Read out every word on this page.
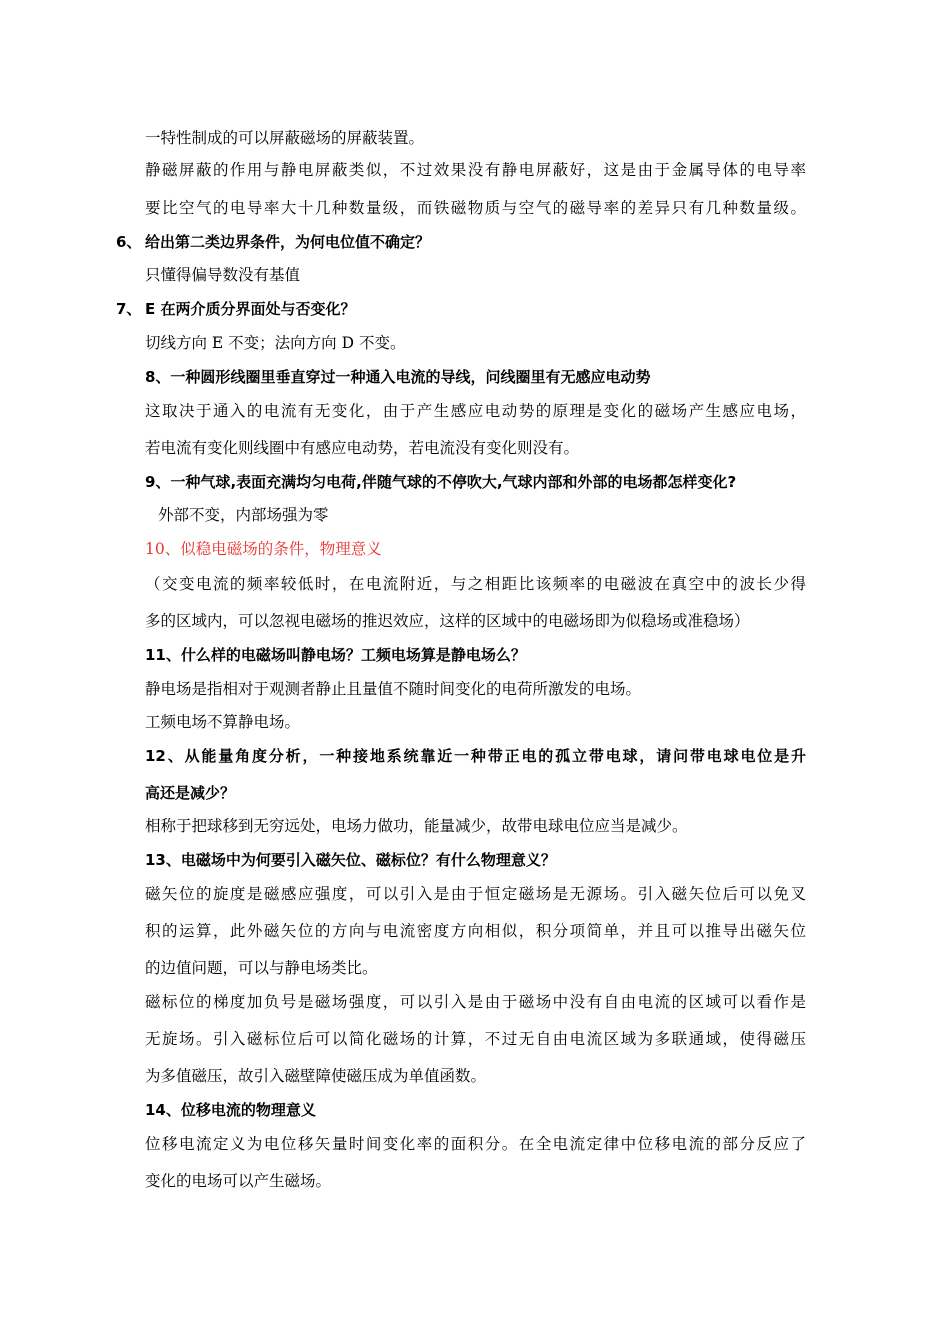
一特性制成的可以屏蔽磁场的屏蔽装置。
静磁屏蔽的作用与静电屏蔽类似，不过效果没有静电屏蔽好，这是由于金属导体的电导率
要比空气的电导率大十几种数量级，而铁磁物质与空气的磁导率的差异只有几种数量级。
6、 给出第二类边界条件，为何电位值不确定？
只懂得偏导数没有基值
7、 E 在两介质分界面处与否变化？
切线方向 E 不变；法向方向 D 不变。
8、一种圆形线圈里垂直穿过一种通入电流的导线，问线圈里有无感应电动势
这取决于通入的电流有无变化，由于产生感应电动势的原理是变化的磁场产生感应电场，
若电流有变化则线圈中有感应电动势，若电流没有变化则没有。
9、一种气球,表面充满均匀电荷,伴随气球的不停吹大,气球内部和外部的电场都怎样变化?
外部不变，内部场强为零
10、似稳电磁场的条件，物理意义
（交变电流的频率较低时，在电流附近，与之相距比该频率的电磁波在真空中的波长少得
多的区域内，可以忽视电磁场的推迟效应，这样的区域中的电磁场即为似稳场或准稳场）
11、什么样的电磁场叫静电场？工频电场算是静电场么？
静电场是指相对于观测者静止且量值不随时间变化的电荷所激发的电场。
工频电场不算静电场。
12、从能量角度分析，一种接地系统靠近一种带正电的孤立带电球，请问带电球电位是升
高还是减少？
相称于把球移到无穷远处，电场力做功，能量减少，故带电球电位应当是减少。
13、电磁场中为何要引入磁矢位、磁标位？有什么物理意义？
磁矢位的旋度是磁感应强度，可以引入是由于恒定磁场是无源场。引入磁矢位后可以免叉
积的运算，此外磁矢位的方向与电流密度方向相似，积分项简单，并且可以推导出磁矢位
的边值问题，可以与静电场类比。
磁标位的梯度加负号是磁场强度，可以引入是由于磁场中没有自由电流的区域可以看作是
无旋场。引入磁标位后可以简化磁场的计算，不过无自由电流区域为多联通域，使得磁压
为多值磁压，故引入磁壁障使磁压成为单值函数。
14、位移电流的物理意义
位移电流定义为电位移矢量时间变化率的面积分。在全电流定律中位移电流的部分反应了
变化的电场可以产生磁场。
